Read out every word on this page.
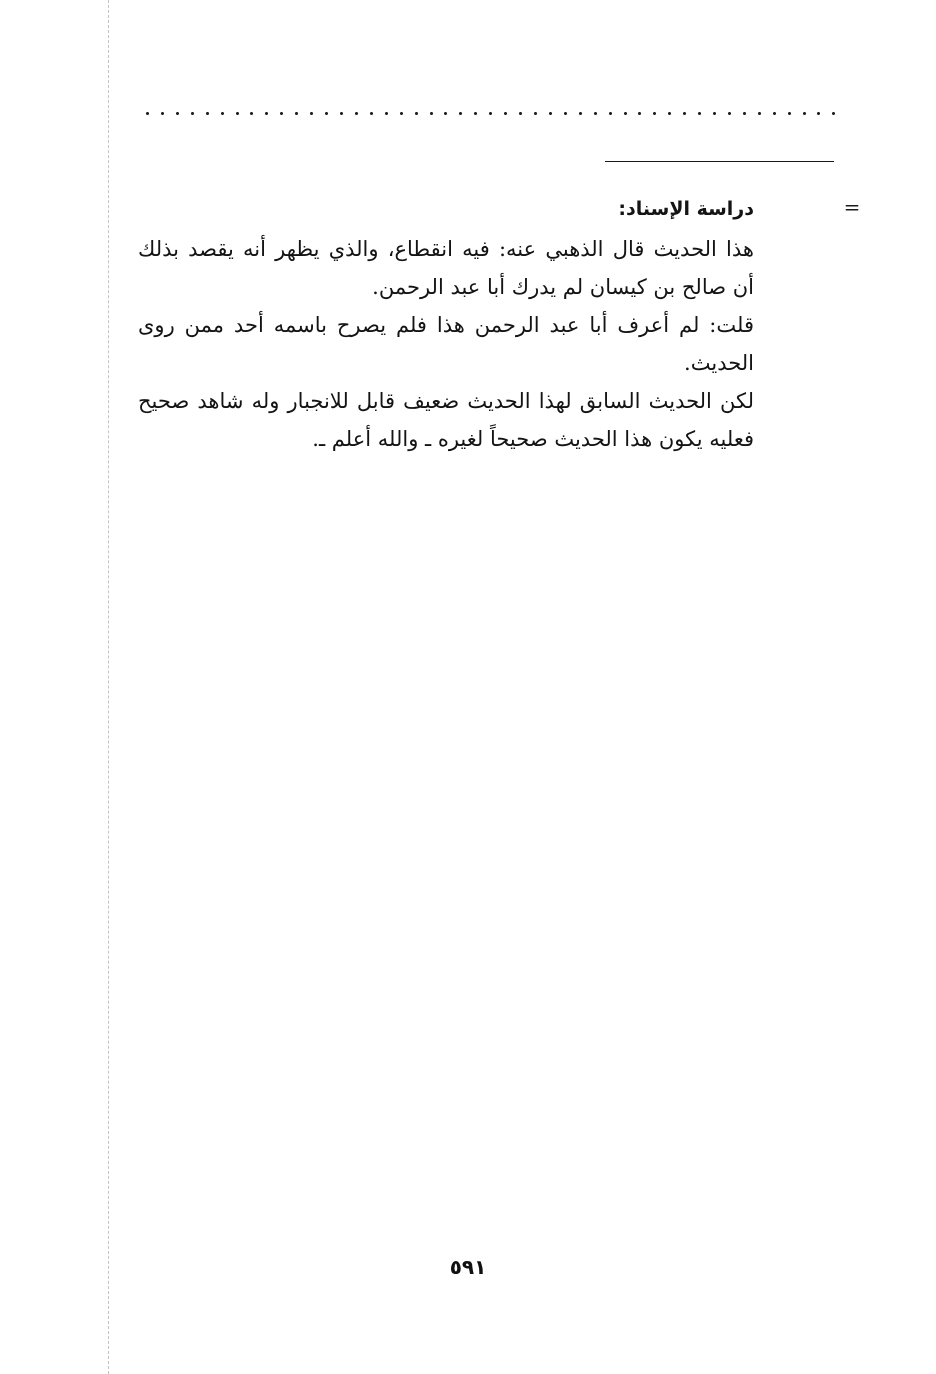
=
دراسة الإسناد:
هذا الحديث قال الذهبي عنه: فيه انقطاع، والذي يظهر أنه يقصد بذلك أن صالح بن كيسان لم يدرك أبا عبد الرحمن.
قلت: لم أعرف أبا عبد الرحمن هذا فلم يصرح باسمه أحد ممن روى الحديث.
لكن الحديث السابق لهذا الحديث ضعيف قابل للانجبار وله شاهد صحيح فعليه يكون هذا الحديث صحيحاً لغيره ـ والله أعلم ـ.
٥٩١
